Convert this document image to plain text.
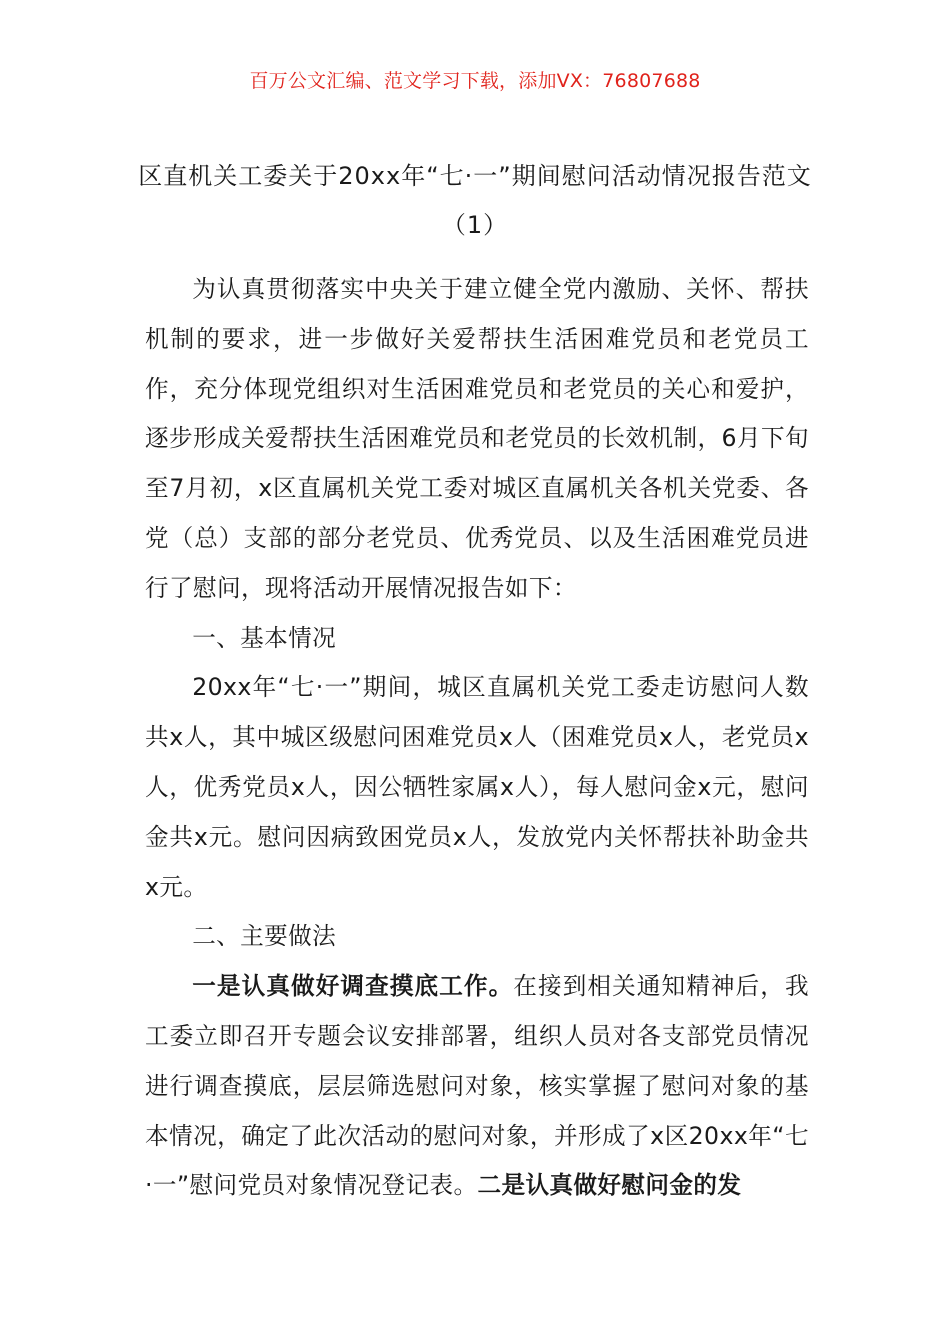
百万公文汇编、范文学习下载，添加VX：76807688
区直机关工委关于20xx年“七·一”期间慰问活动情况报告范文（1）

为认真贯彻落实中央关于建立健全党内激励、关怀、帮扶机制的要求，进一步做好关爱帮扶生活困难党员和老党员工作，充分体现党组织对生活困难党员和老党员的关心和爱护，逐步形成关爱帮扶生活困难党员和老党员的长效机制，6月下旬至7月初，x区直属机关党工委对城区直属机关各机关党委、各党（总）支部的部分老党员、优秀党员、以及生活困难党员进行了慰问，现将活动开展情况报告如下：

一、基本情况

20xx年“七·一”期间，城区直属机关党工委走访慰问人数共x人，其中城区级慰问困难党员x人（困难党员x人，老党员x人，优秀党员x人，因公牺牲家属x人），每人慰问金x元，慰问金共x元。慰问因病致困党员x人，发放党内关怀帮扶补助金共x元。

二、主要做法

一是认真做好调查摸底工作。在接到相关通知精神后，我工委立即召开专题会议安排部署，组织人员对各支部党员情况进行调查摸底，层层筛选慰问对象，核实掌握了慰问对象的基本情况，确定了此次活动的慰问对象，并形成了x区20xx年“七·一”慰问党员对象情况登记表。二是认真做好慰问金的发
